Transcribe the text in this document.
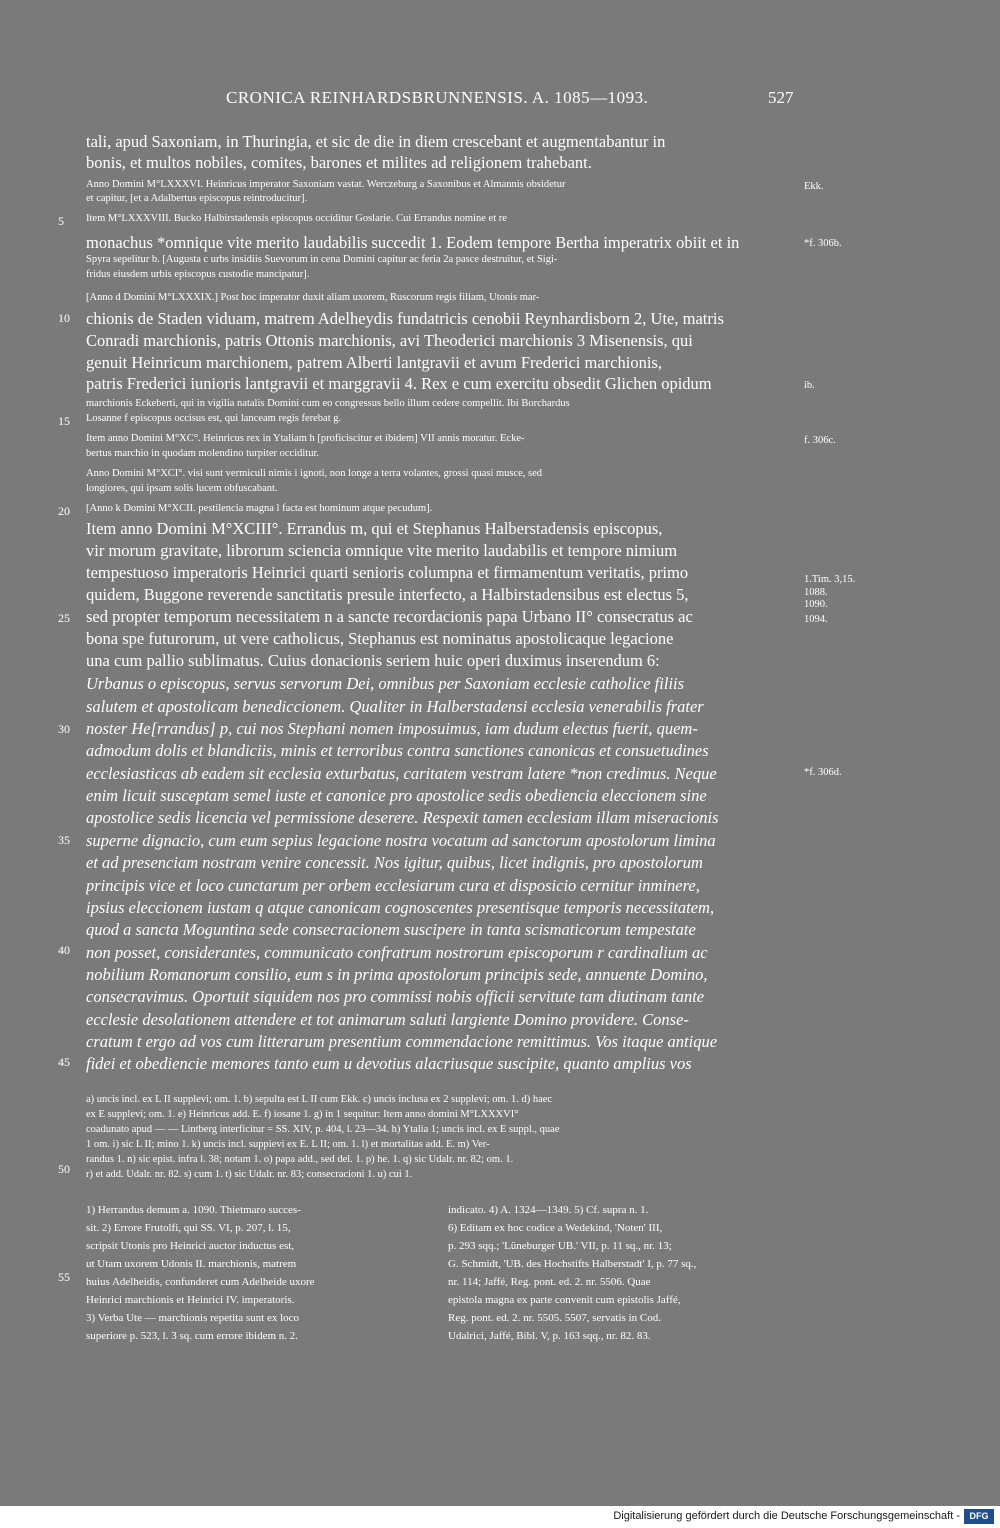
CRONICA REINHARDSBRUNNENSIS. A. 1085—1093.	527
tali, apud Saxoniam, in Thuringia, et sic de die in diem crescebant et augmentabantur in
bonis, et multos nobiles, comites, barones et milites ad religionem trahebant.
Anno Domini M°LXXXVI. Heinricus imperator Saxoniam vastat. Werczeburg a Saxonibus et Almannis obsidetur
et capitur, [et a Adalbertus episcopus reintroducitur].
Item M°LXXXVIII. Bucko Halbirstadensis episcopus occiditur Goslarie. Cui Errandus nomine et re
monachus *omnique vite merito laudabilis succedit 1. Eodem tempore Bertha imperatrix obiit et in
Spyra sepelitur b. [Augusta c urbs insidiis Suevorum in cena Domini capitur ac feria 2a pasce destruitur, et Sigi-
fridus eiusdem urbis episcopus custodie mancipatur].
[Anno d Domini M°LXXXIX.] Post hoc imperator duxit aliam uxorem, Ruscorum regis filiam, Utonis mar-
chionis de Staden viduam, matrem Adelheydis fundatricis cenobii Reynhardisborn 2, Ute, matris
Conradi marchionis, patris Ottonis marchionis, avi Theoderici marchionis 3 Misenensis, qui
genuit Heinricum marchionem, patrem Alberti lantgravii et avum Frederici marchionis,
patris Frederici iunioris lantgravii et marggravii 4. Rex e cum exercitu obsedit Glichen opidum
marchionis Eckeberti, qui in vigilia natalis Domini cum eo congressus bello illum cedere compellit. Ibi Borchardus
Losanne f episcopus occisus est, qui lanceam regis ferebat g.
Item anno Domini M°XC°. Heinricus rex in Ytaliam h [proficiscitur et ibidem] VII annis moratur. Ecke-
bertus marchio in quodam molendino turpiter occiditur.
Anno Domini M°XCI°. visi sunt vermiculi nimis i ignoti, non longe a terra volantes, grossi quasi musce, sed
longiores, qui ipsam solis lucem obfuscabant.
[Anno k Domini M°XCII. pestilencia magna l facta est hominum atque pecudum].
Item anno Domini M°XCIII°. Errandus m, qui et Stephanus Halberstadensis episcopus,
vir morum gravitate, librorum sciencia omnique vite merito laudabilis et tempore nimium
tempestuoso imperatoris Heinrici quarti senioris columpna et firmamentum veritatis, primo
quidem, Buggone reverende sanctitatis presule interfecto, a Halbirstadensibus est electus 5,
sed propter temporum necessitatem n a sancte recordacionis papa Urbano II° consecratus ac
bona spe futurorum, ut vere catholicus, Stephanus est nominatus apostolicaque legacione
una cum pallio sublimatus. Cuius donacionis seriem huic operi duximus inserendum 6:
Urbanus o episcopus, servus servorum Dei, omnibus per Saxoniam ecclesie catholice filiis
salutem et apostolicam benediccionem. Qualiter in Halberstadensi ecclesia venerabilis frater
noster He[rrandus] p, cui nos Stephani nomen imposuimus, iam dudum electus fuerit, quem-
admodum dolis et blandiciis, minis et terroribus contra sanctiones canonicas et consuetudines
ecclesiasticas ab eadem sit ecclesia exturbatus, caritatem vestram latere *non credimus. Neque
enim licuit susceptam semel iuste et canonice pro apostolice sedis obediencia eleccionem sine
apostolice sedis licencia vel permissione deserere. Respexit tamen ecclesiam illam miseracionis
superne dignacio, cum eum sepius legacione nostra vocatum ad sanctorum apostolorum limina
et ad presenciam nostram venire concessit. Nos igitur, quibus, licet indignis, pro apostolorum
principis vice et loco cunctarum per orbem ecclesiarum cura et disposicio cernitur inminere,
ipsius eleccionem iustam q atque canonicam cognoscentes presentisque temporis necessitatem,
quod a sancta Moguntina sede consecracionem suscipere in tanta scismaticorum tempestate
non posset, considerantes, communicato confratrum nostrorum episcoporum r cardinalium ac
nobilium Romanorum consilio, eum s in prima apostolorum principis sede, annuente Domino,
consecravimus. Oportuit siquidem nos pro commissi nobis officii servitute tam diutinam tante
ecclesie desolationem attendere et tot animarum saluti largiente Domino providere. Conse-
cratum t ergo ad vos cum litterarum presentium commendacione remittimus. Vos itaque antique
fidei et obediencie memores tanto eum u devotius alacriusque suscipite, quanto amplius vos
5
10
15
20
25
30
35
40
45
50
55
Ekk.
*f. 306b.
ib.
f. 306c.
1.Tim. 3,15.
1088.
1090.
1094.
*f. 306d.
a) uncis incl. ex L II supplevi; om. 1. b) sepulta est L II cum Ekk. c) uncis inclusa ex 2 supplevi; om. 1. d) haec
ex E supplevi; om. 1. e) Heinricus add. E. f) iosane 1. g) in 1 sequitur: Item anno domini M°LXXXVI°
coadunato apud — — Lintberg interficitur = SS. XIV, p. 404, l. 23—34. h) Ytalia 1; uncis incl. ex E suppl., quae
1 om. i) sic L II; mino 1. k) uncis incl. suppievi ex E. L II; om. 1. l) et mortalitas add. E. m) Ver-
randus 1. n) sic epist. infra l. 38; notam 1. o) papa add., sed del. 1. p) he. 1. q) sic Udalr. nr. 82; om. 1.
r) et add. Udalr. nr. 82. s) cum 1. t) sic Udalr. nr. 83; consecracioni 1. u) cui 1.
1) Herrandus demum a. 1090. Thietmaro succes-
sit. 2) Errore Frutolfi, qui SS. VI, p. 207, l. 15,
scripsit Utonis pro Heinrici auctor inductus est,
ut Utam uxorem Udonis II. marchionis, matrem
huius Adelheidis, confunderet cum Adelheide uxore
Heinrici marchionis et Heinrici IV. imperatoris.
3) Verba Ute — marchionis repetita sunt ex loco
superiore p. 523, l. 3 sq. cum errore ibidem n. 2.
indicato. 4) A. 1324—1349. 5) Cf. supra n. 1.
6) Editam ex hoc codice a Wedekind, 'Noten' III,
p. 293 sqq.; 'Lüneburger UB.' VII, p. 11 sq., nr. 13;
G. Schmidt, 'UB. des Hochstifts Halberstadt' I, p. 77 sq.,
nr. 114; Jaffé, Reg. pont. ed. 2. nr. 5506. Quae
epistola magna ex parte convenit cum epistolis Jaffé,
Reg. pont. ed. 2. nr. 5505. 5507, servatis in Cod.
Udalrici, Jaffé, Bibl. V, p. 163 sqq., nr. 82. 83.
Digitalisierung gefördert durch die Deutsche Forschungsgemeinschaft -	DFG
